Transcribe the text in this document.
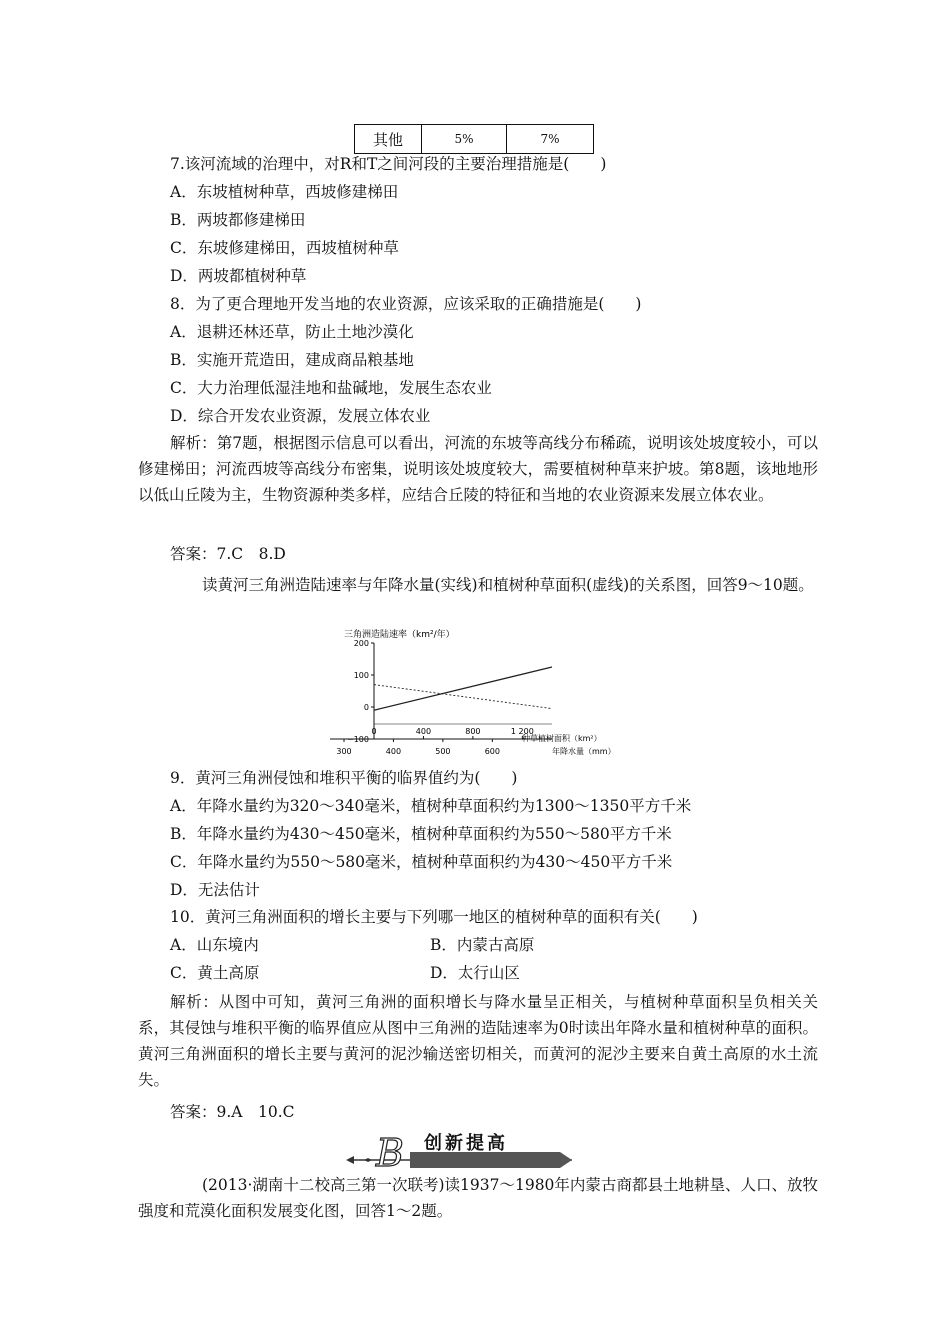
其他	5%	7%
7.该河流域的治理中，对R和T之间河段的主要治理措施是(　　)
A．东坡植树种草，西坡修建梯田
B．两坡都修建梯田
C．东坡修建梯田，西坡植树种草
D．两坡都植树种草
8．为了更合理地开发当地的农业资源，应该采取的正确措施是(　　)
A．退耕还林还草，防止土地沙漠化
B．实施开荒造田，建成商品粮基地
C．大力治理低湿洼地和盐碱地，发展生态农业
D．综合开发农业资源，发展立体农业
解析：第7题，根据图示信息可以看出，河流的东坡等高线分布稀疏，说明该处坡度较小，可以修建梯田；河流西坡等高线分布密集，说明该处坡度较大，需要植树种草来护坡。第8题，该地地形以低山丘陵为主，生物资源种类多样，应结合丘陵的特征和当地的农业资源来发展立体农业。
答案：7.C　8.D
读黄河三角洲造陆速率与年降水量(实线)和植树种草面积(虚线)的关系图，回答9～10题。
三角洲造陆速率（km²/年）
200
100
0
−100
0	400	800	1 200
300	400	500	600
种草植树面积（km²）
年降水量（mm）
9．黄河三角洲侵蚀和堆积平衡的临界值约为(　　)
A．年降水量约为320～340毫米，植树种草面积约为1300～1350平方千米
B．年降水量约为430～450毫米，植树种草面积约为550～580平方千米
C．年降水量约为550～580毫米，植树种草面积约为430～450平方千米
D．无法估计
10．黄河三角洲面积的增长主要与下列哪一地区的植树种草的面积有关(　　)
A．山东境内	B．内蒙古高原
C．黄土高原	D．太行山区
解析：从图中可知，黄河三角洲的面积增长与降水量呈正相关，与植树种草面积呈负相关关系，其侵蚀与堆积平衡的临界值应从图中三角洲的造陆速率为0时读出年降水量和植树种草的面积。黄河三角洲面积的增长主要与黄河的泥沙输送密切相关，而黄河的泥沙主要来自黄土高原的水土流失。
答案：9.A　10.C
B 创新提高
(2013·湖南十二校高三第一次联考)读1937～1980年内蒙古商都县土地耕垦、人口、放牧强度和荒漠化面积发展变化图，回答1～2题。
